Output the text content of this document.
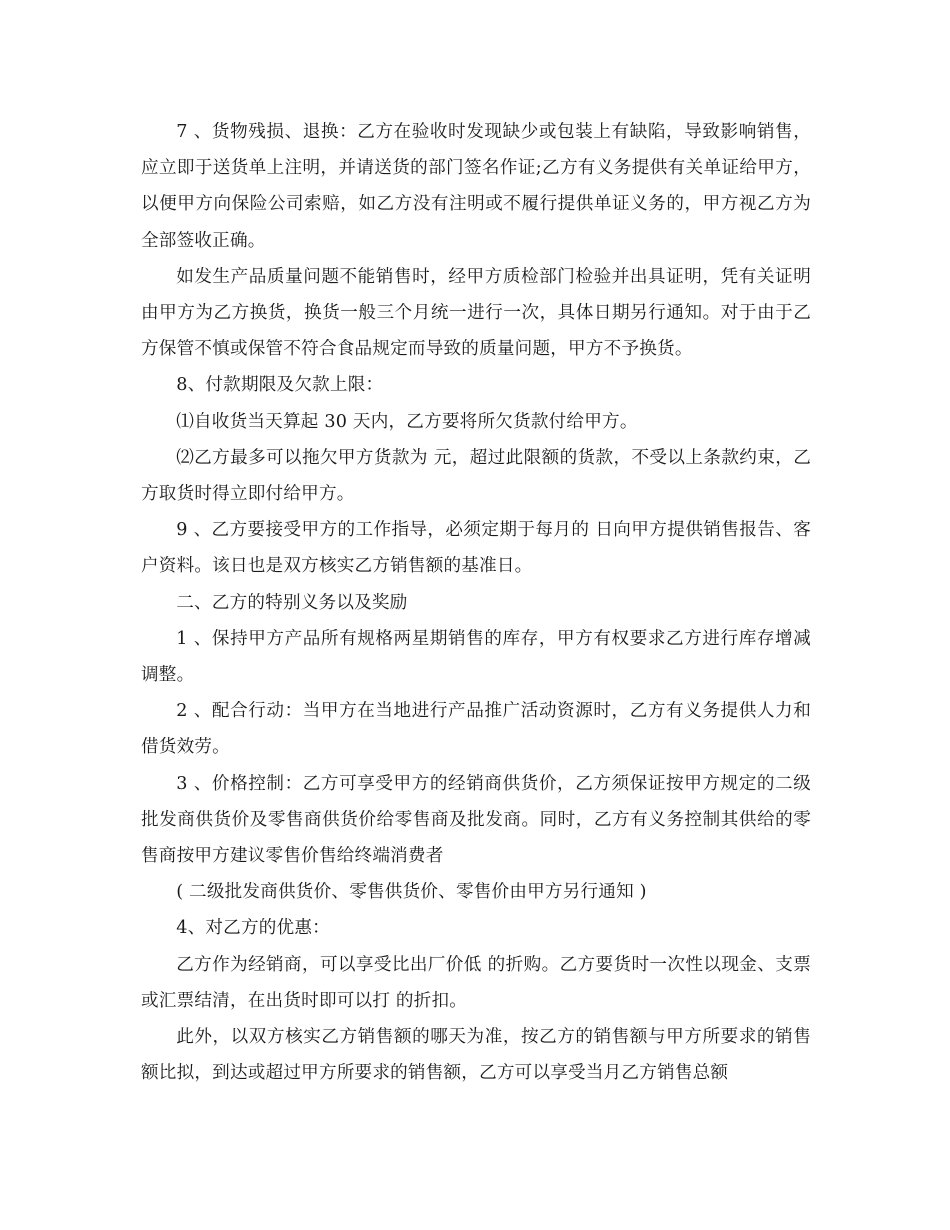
7 、货物残损、退换：乙方在验收时发现缺少或包装上有缺陷，导致影响销售，应立即于送货单上注明，并请送货的部门签名作证;乙方有义务提供有关单证给甲方，以便甲方向保险公司索赔，如乙方没有注明或不履行提供单证义务的，甲方视乙方为全部签收正确。

如发生产品质量问题不能销售时，经甲方质检部门检验并出具证明，凭有关证明由甲方为乙方换货，换货一般三个月统一进行一次，具体日期另行通知。对于由于乙方保管不慎或保管不符合食品规定而导致的质量问题，甲方不予换货。

8、付款期限及欠款上限：

⑴自收货当天算起 30 天内，乙方要将所欠货款付给甲方。

⑵乙方最多可以拖欠甲方货款为 元，超过此限额的货款，不受以上条款约束，乙方取货时得立即付给甲方。

9 、乙方要接受甲方的工作指导，必须定期于每月的 日向甲方提供销售报告、客户资料。该日也是双方核实乙方销售额的基准日。

二、乙方的特别义务以及奖励

1 、保持甲方产品所有规格两星期销售的库存，甲方有权要求乙方进行库存增减调整。

2 、配合行动：当甲方在当地进行产品推广活动资源时，乙方有义务提供人力和借货效劳。

3 、价格控制：乙方可享受甲方的经销商供货价，乙方须保证按甲方规定的二级批发商供货价及零售商供货价给零售商及批发商。同时，乙方有义务控制其供给的零售商按甲方建议零售价售给终端消费者

( 二级批发商供货价、零售供货价、零售价由甲方另行通知 )

4、对乙方的优惠：

乙方作为经销商，可以享受比出厂价低 的折购。乙方要货时一次性以现金、支票或汇票结清，在出货时即可以打 的折扣。

此外，以双方核实乙方销售额的哪天为准，按乙方的销售额与甲方所要求的销售额比拟，到达或超过甲方所要求的销售额，乙方可以享受当月乙方销售总额
